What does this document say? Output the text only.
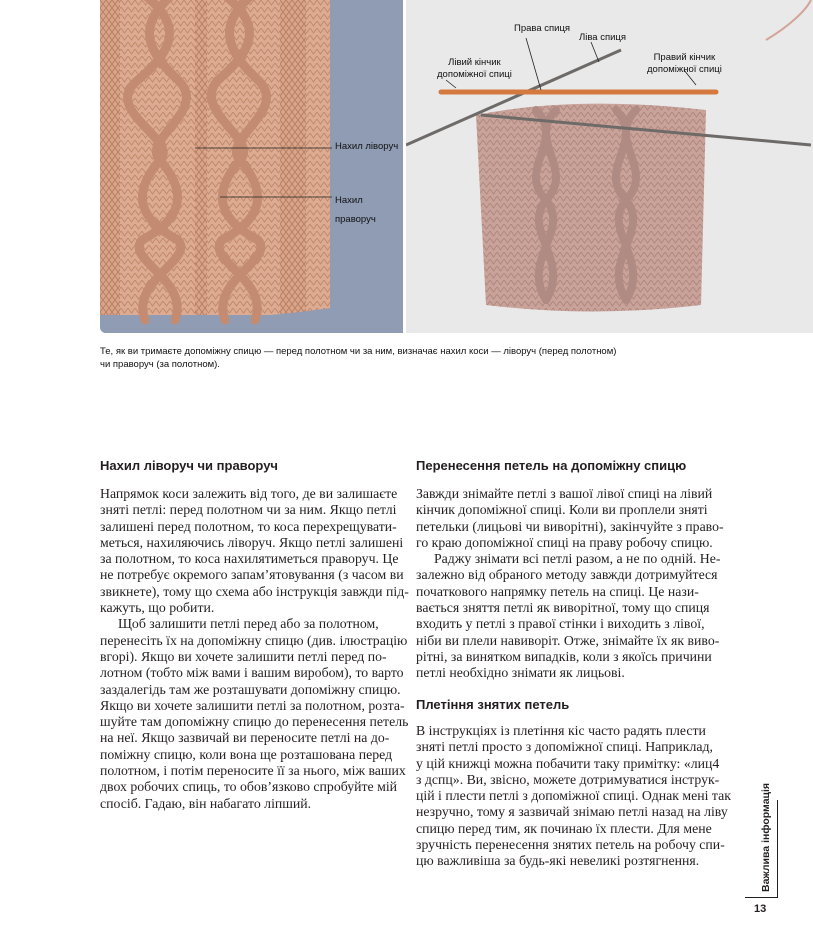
Нахил ліворуч
Нахил
праворуч
Права спиця
Ліва спиця
Лівий кінчик
допоміжної спиці
Правий кінчик
допоміжної спиці
Те, як ви тримаєте допоміжну спицю — перед полотном чи за ним, визначає нахил коси — ліворуч (перед полотном)
чи праворуч (за полотном).
Нахил ліворуч чи праворуч

Напрямок коси залежить від того, де ви залишаєте
зняті петлі: перед полотном чи за ним. Якщо петлі
залишені перед полотном, то коса перехрещувати-
меться, нахиляючись ліворуч. Якщо петлі залишені
за полотном, то коса нахилятиметься праворуч. Це
не потребує окремого запам’ятовування (з часом ви
звикнете), тому що схема або інструкція завжди під-
кажуть, що робити.

Щоб залишити петлі перед або за полотном,
перенесіть їх на допоміжну спицю (див. ілюстрацію
вгорі). Якщо ви хочете залишити петлі перед по-
лотном (тобто між вами і вашим виробом), то варто
заздалегідь там же розташувати допоміжну спицю.
Якщо ви хочете залишити петлі за полотном, розта-
шуйте там допоміжну спицю до перенесення петель
на неї. Якщо зазвичай ви переносите петлі на до-
поміжну спицю, коли вона ще розташована перед
полотном, і потім переносите її за нього, між ваших
двох робочих спиць, то обов’язково спробуйте мій
спосіб. Гадаю, він набагато ліпший.

Перенесення петель на допоміжну спицю

Завжди знімайте петлі з вашої лівої спиці на лівий
кінчик допоміжної спиці. Коли ви проплели зняті
петельки (лицьові чи виворітні), закінчуйте з право-
го краю допоміжної спиці на праву робочу спицю.

Раджу знімати всі петлі разом, а не по одній. Не-
залежно від обраного методу завжди дотримуйтеся
початкового напрямку петель на спиці. Це нази-
вається зняття петлі як виворітної, тому що спиця
входить у петлі з правої стінки і виходить з лівої,
ніби ви плели навиворіт. Отже, знімайте їх як виво-
рітні, за винятком випадків, коли з якоїсь причини
петлі необхідно знімати як лицьові.

Плетіння знятих петель

В інструкціях із плетіння кіс часто радять плести
зняті петлі просто з допоміжної спиці. Наприклад,
у цій книжці можна побачити таку примітку: «лиц4
з дспц». Ви, звісно, можете дотримуватися інструк-
цій і плести петлі з допоміжної спиці. Однак мені так
незручно, тому я зазвичай знімаю петлі назад на ліву
спицю перед тим, як починаю їх плести. Для мене
зручність перенесення знятих петель на робочу спи-
цю важливіша за будь-які невеликі розтягнення.	Важлива інформація
13
